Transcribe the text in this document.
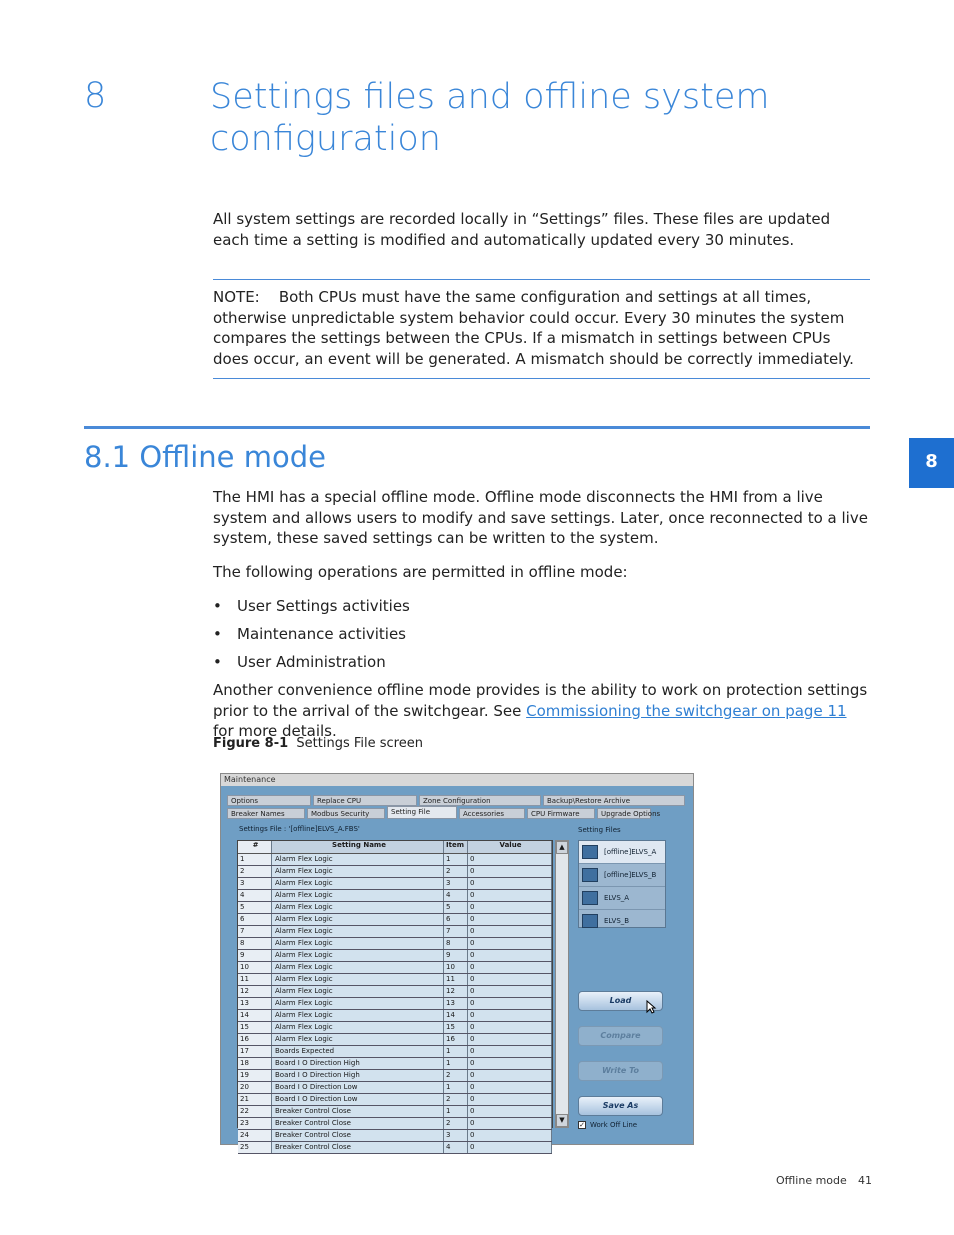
8	Settings files and offline system configuration
All system settings are recorded locally in “Settings” files. These files are updated each time a setting is modified and automatically updated every 30 minutes.
NOTE: Both CPUs must have the same configuration and settings at all times, otherwise unpredictable system behavior could occur. Every 30 minutes the system compares the settings between the CPUs. If a mismatch in settings between CPUs does occur, an event will be generated. A mismatch should be correctly immediately.
8.1 Offline mode	8
The HMI has a special offline mode. Offline mode disconnects the HMI from a live system and allows users to modify and save settings. Later, once reconnected to a live system, these saved settings can be written to the system.
The following operations are permitted in offline mode:
• User Settings activities
• Maintenance activities
• User Administration
Another convenience offline mode provides is the ability to work on protection settings prior to the arrival of the switchgear. See Commissioning the switchgear on page 11 for more details.
Figure 8-1 Settings File screen
Maintenance
Options	Replace CPU	Zone Configuration	Backup\Restore Archive
Breaker Names	Modbus Security	Setting File	Accessories	CPU Firmware	Upgrade Options
Settings File : '[offline]ELVS_A.FBS'	Setting Files
#	Setting Name	Item	Value
1	Alarm Flex Logic	1	0
2	Alarm Flex Logic	2	0
3	Alarm Flex Logic	3	0
4	Alarm Flex Logic	4	0
5	Alarm Flex Logic	5	0
6	Alarm Flex Logic	6	0
7	Alarm Flex Logic	7	0
8	Alarm Flex Logic	8	0
9	Alarm Flex Logic	9	0
10	Alarm Flex Logic	10	0
11	Alarm Flex Logic	11	0
12	Alarm Flex Logic	12	0
13	Alarm Flex Logic	13	0
14	Alarm Flex Logic	14	0
15	Alarm Flex Logic	15	0
16	Alarm Flex Logic	16	0
17	Boards Expected	1	0
18	Board I O Direction High	1	0
19	Board I O Direction High	2	0
20	Board I O Direction Low	1	0
21	Board I O Direction Low	2	0
22	Breaker Control Close	1	0
23	Breaker Control Close	2	0
24	Breaker Control Close	3	0
25	Breaker Control Close	4	0
▲
▼
[offline]ELVS_A
[offline]ELVS_B
ELVS_A
ELVS_B
Load
Compare
Write To
Save As
✓ Work Off Line
Offline mode 41
